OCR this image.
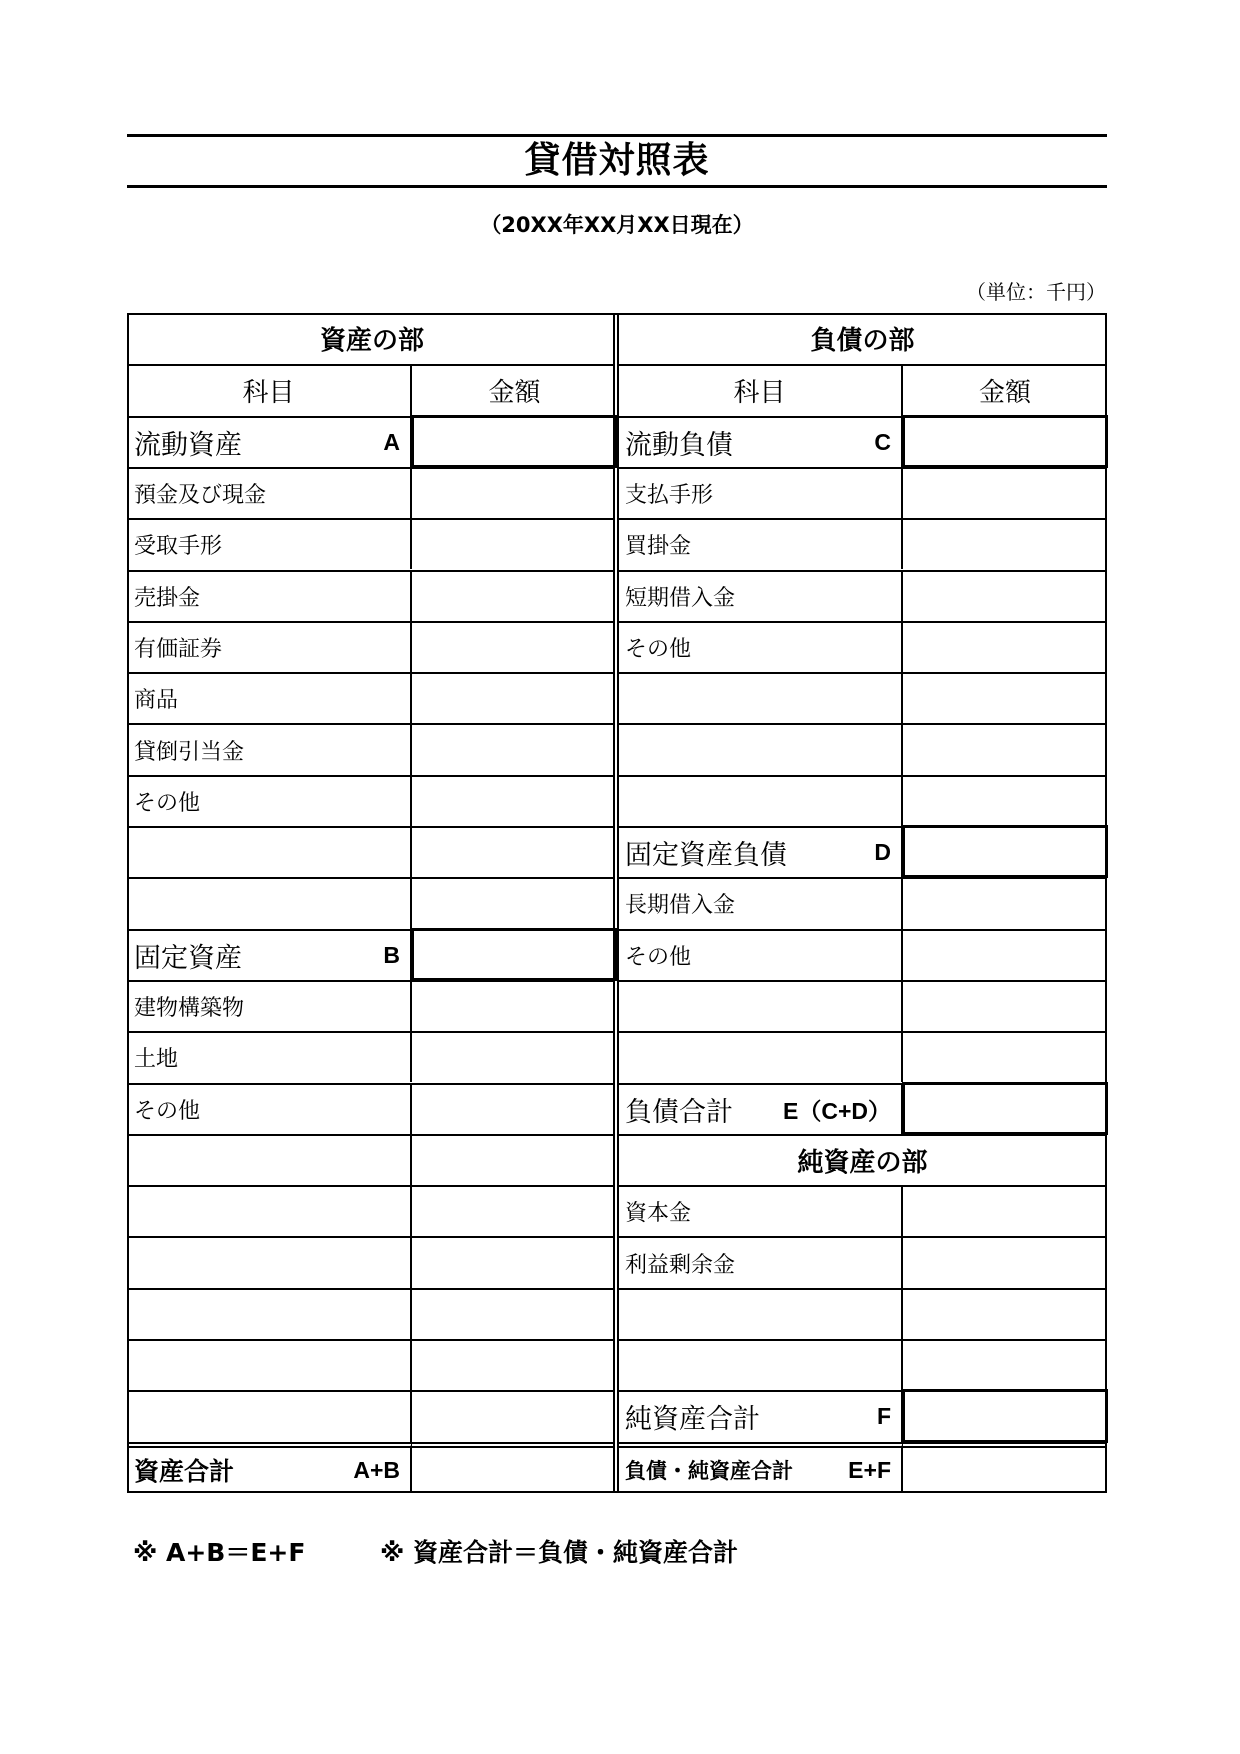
貸借対照表
（20XX年XX月XX日現在）
（単位：千円）
資産の部
科目	金額
流動資産	A
預金及び現金
受取手形
売掛金
有価証券
商品
貸倒引当金
その他
固定資産	B
建物構築物
土地
その他
資産合計	A+B
負債の部
科目	金額
流動負債	C
支払手形
買掛金
短期借入金
その他
固定資産負債	D
長期借入金
その他
負債合計 E（C+D）
純資産の部
資本金
利益剰余金
純資産合計	F
負債・純資産合計 E+F
※ A+B＝E+F	※ 資産合計＝負債・純資産合計
